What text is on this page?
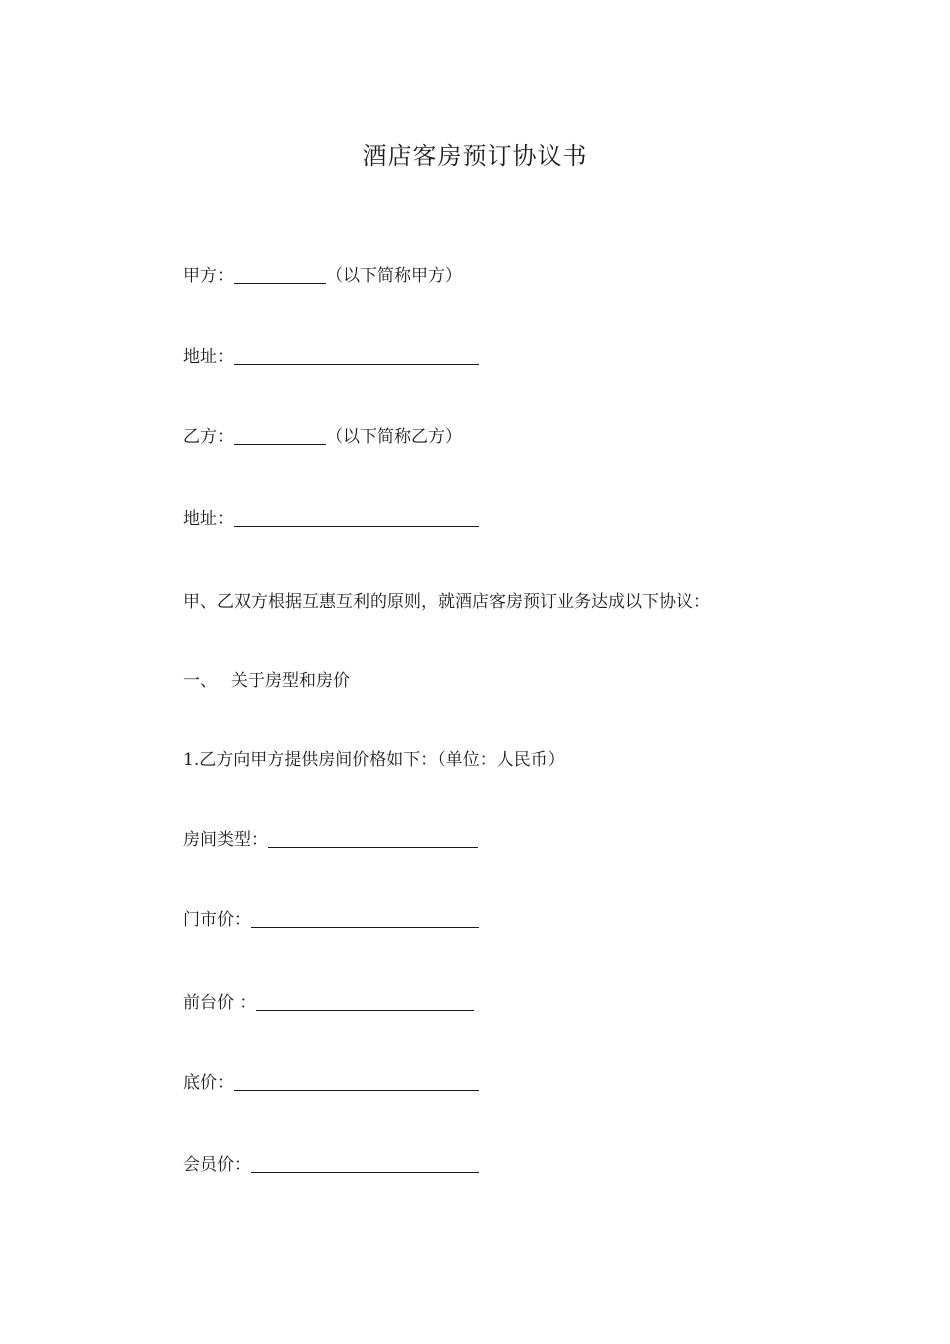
酒店客房预订协议书
甲方：	（以下简称甲方）
地址：
乙方：	（以下简称乙方）
地址：
甲、乙双方根据互惠互利的原则，就酒店客房预订业务达成以下协议：
一、 关于房型和房价
1.乙方向甲方提供房间价格如下：（单位：人民币）
房间类型：
门市价：
前台价 ：
底价：
会员价：
